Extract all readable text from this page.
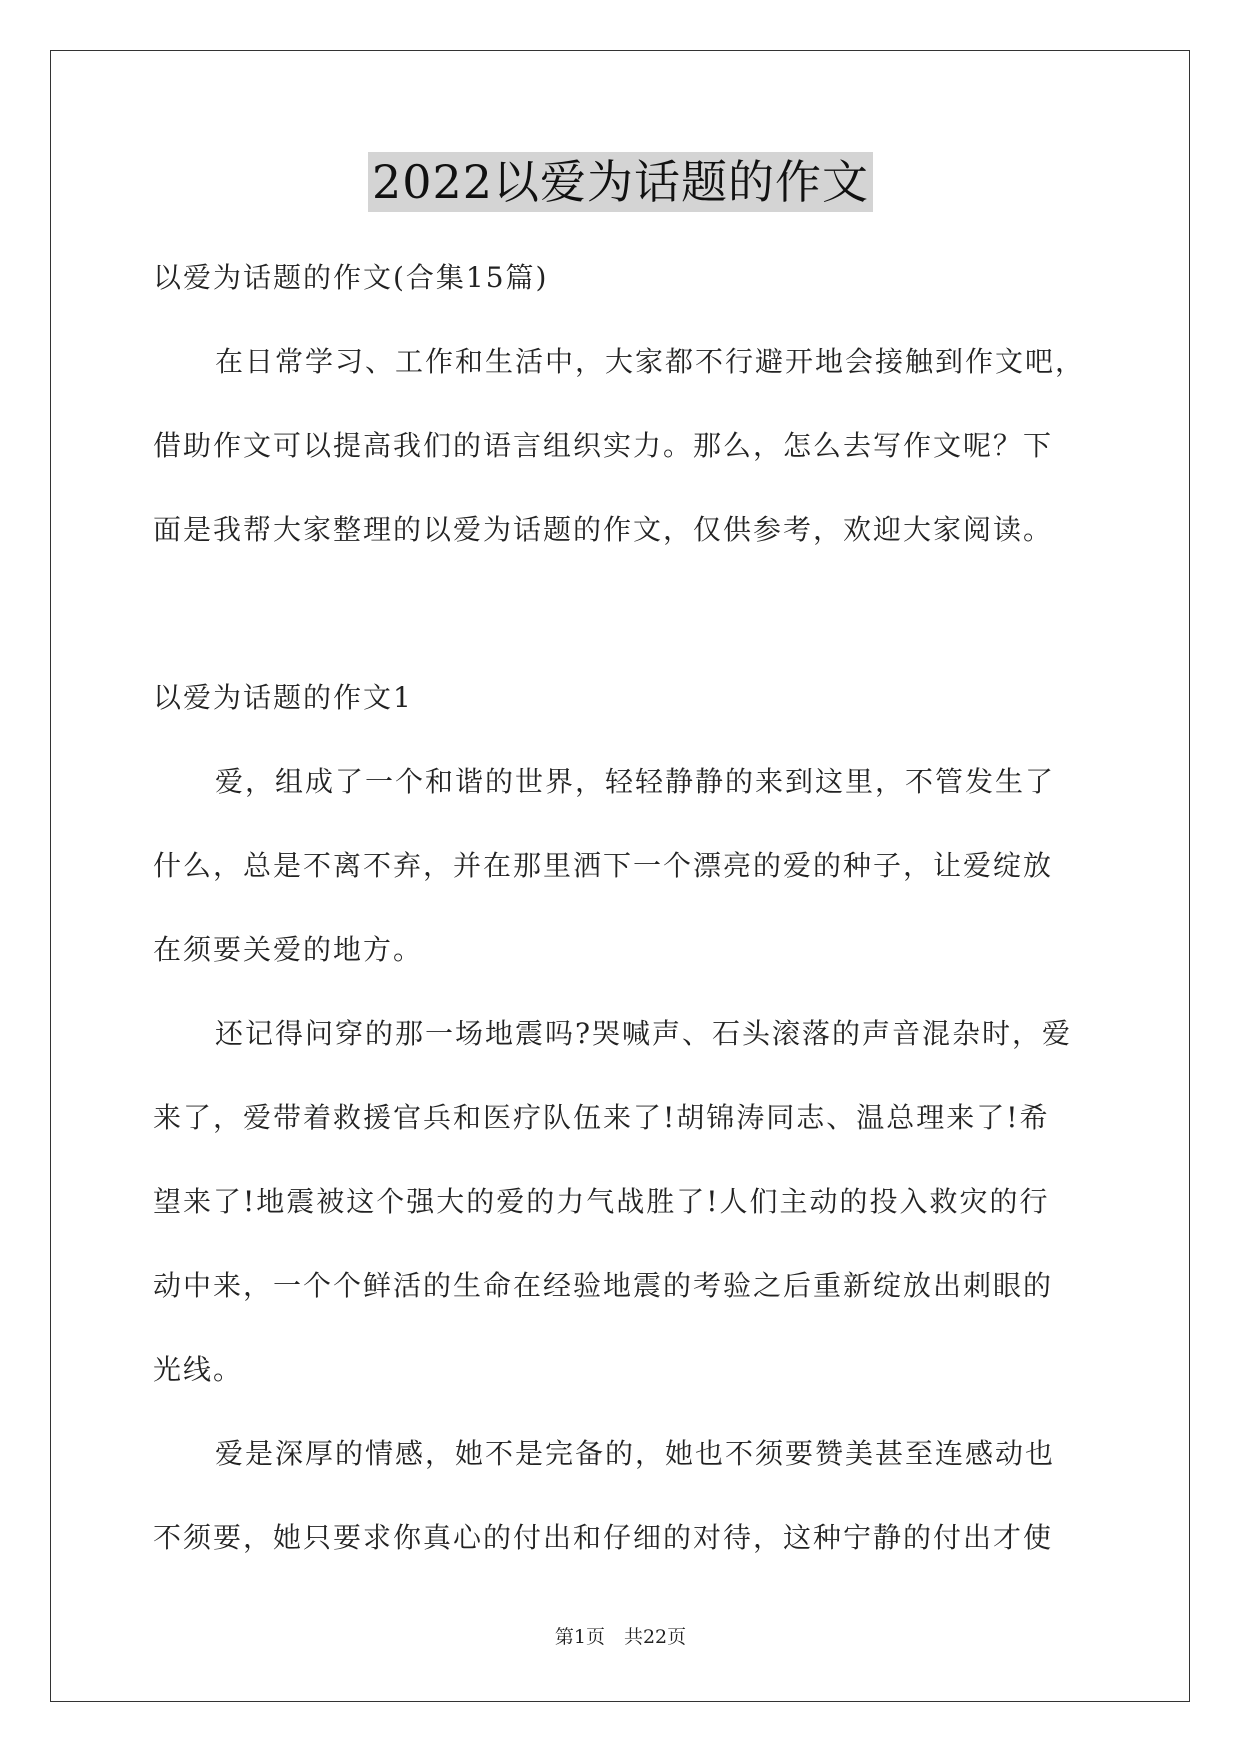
2022以爱为话题的作文
以爱为话题的作文(合集15篇)
在日常学习、工作和生活中，大家都不行避开地会接触到作文吧，
借助作文可以提高我们的语言组织实力。那么，怎么去写作文呢？下
面是我帮大家整理的以爱为话题的作文，仅供参考，欢迎大家阅读。
以爱为话题的作文1
爱，组成了一个和谐的世界，轻轻静静的来到这里，不管发生了
什么，总是不离不弃，并在那里洒下一个漂亮的爱的种子，让爱绽放
在须要关爱的地方。
还记得问穿的那一场地震吗?哭喊声、石头滚落的声音混杂时，爱
来了，爱带着救援官兵和医疗队伍来了!胡锦涛同志、温总理来了!希
望来了!地震被这个强大的爱的力气战胜了!人们主动的投入救灾的行
动中来，一个个鲜活的生命在经验地震的考验之后重新绽放出刺眼的
光线。
爱是深厚的情感，她不是完备的，她也不须要赞美甚至连感动也
不须要，她只要求你真心的付出和仔细的对待，这种宁静的付出才使
第1页　共22页
